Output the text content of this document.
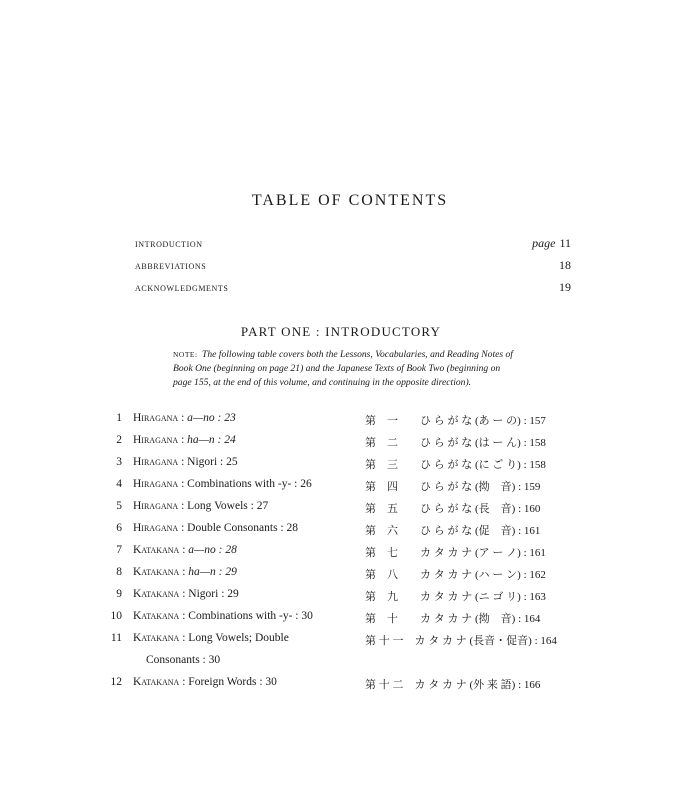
TABLE OF CONTENTS
INTRODUCTION	page 11
ABBREVIATIONS	18
ACKNOWLEDGMENTS	19
PART ONE : INTRODUCTORY
NOTE: The following table covers both the Lessons, Vocabularies, and Reading Notes of Book One (beginning on page 21) and the Japanese Texts of Book Two (beginning on page 155, at the end of this volume, and continuing in the opposite direction).
1 Hiragana : a—no : 23	第　一　　ひ ら が な (あ ー の) : 157
2 Hiragana : ha—n : 24	第　二　　ひ ら が な (は ー ん) : 158
3 Hiragana : Nigori : 25	第　三　　ひ ら が な (に ご り) : 158
4 Hiragana : Combinations with -y- : 26	第　四　　ひ ら が な (拗　音) : 159
5 Hiragana : Long Vowels : 27	第　五　　ひ ら が な (長　音) : 160
6 Hiragana : Double Consonants : 28	第　六　　ひ ら が な (促　音) : 161
7 Katakana : a—no : 28	第　七　　カ タ カ ナ (ア ー ノ) : 161
8 Katakana : ha—n : 29	第　八　　カ タ カ ナ (ハ ー ン) : 162
9 Katakana : Nigori : 29	第　九　　カ タ カ ナ (ニ ゴ リ) : 163
10 Katakana : Combinations with -y- : 30	第　十　　カ タ カ ナ (拗　音) : 164
11 Katakana : Long Vowels; Double	第 十 一　カ タ カ ナ (長音・促音) : 164
Consonants : 30
12 Katakana : Foreign Words : 30	第 十 二　カ タ カ ナ (外 来 語) : 166
